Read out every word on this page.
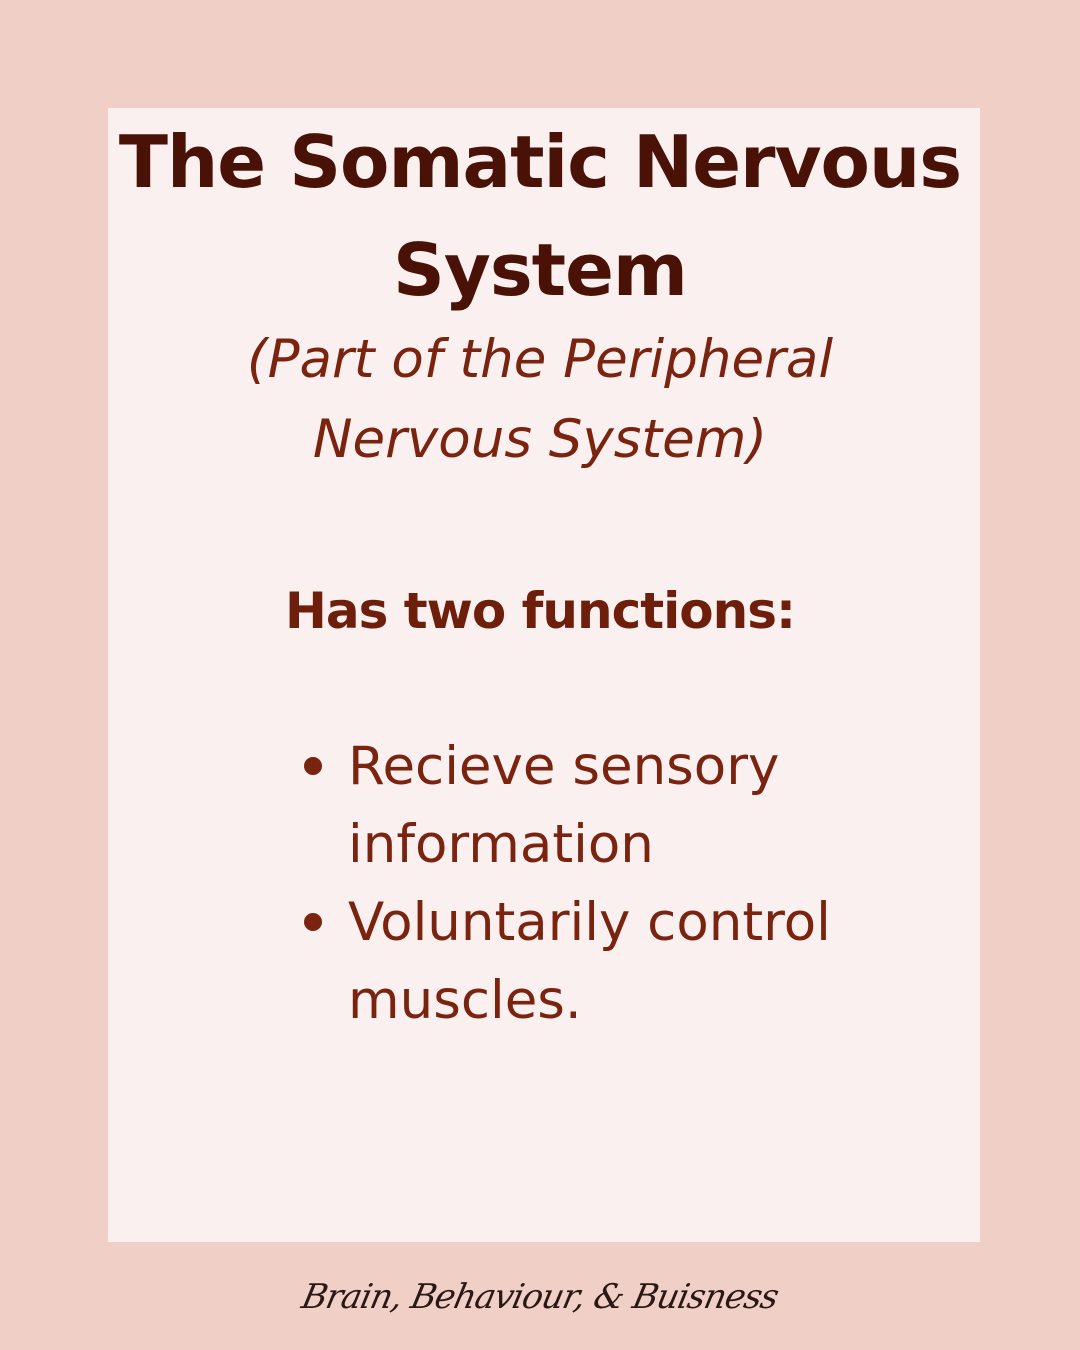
The Somatic Nervous
System

(Part of the Peripheral
Nervous System)

Has two functions:
Recieve sensory
information
Voluntarily control
muscles.
Brain, Behaviour, & Buisness
